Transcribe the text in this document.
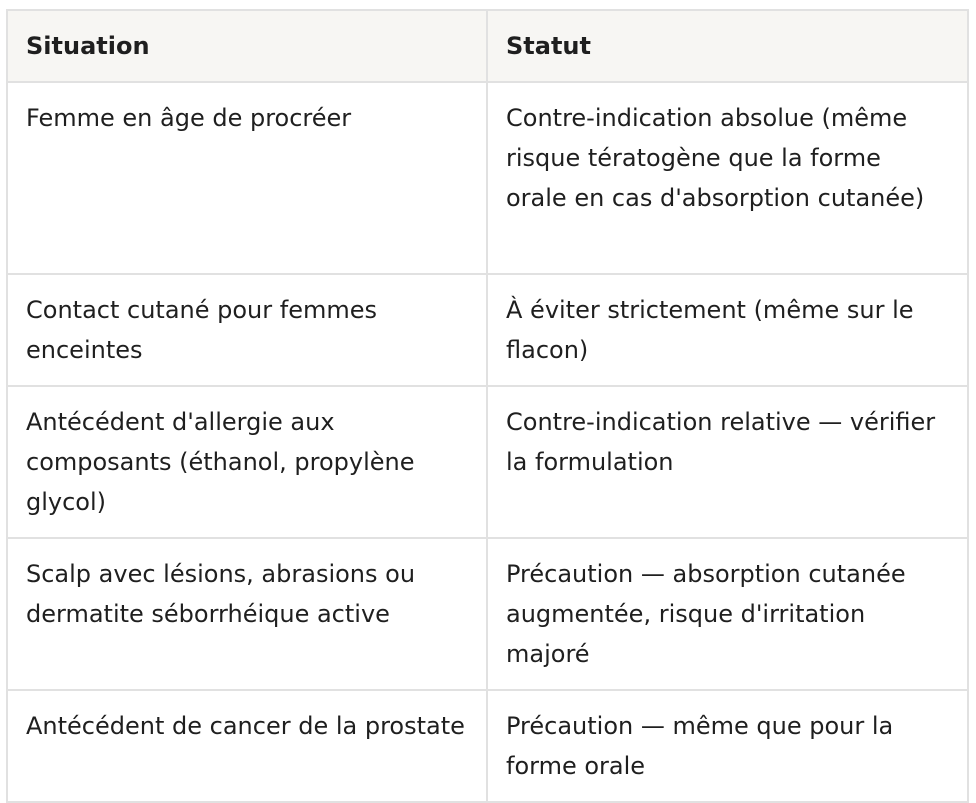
Situation	Statut
Femme en âge de procréer	Contre-indication absolue (même risque tératogène que la forme orale en cas d'absorption cutanée)
Contact cutané pour femmes enceintes	À éviter strictement (même sur le flacon)
Antécédent d'allergie aux composants (éthanol, propylène glycol)	Contre-indication relative — vérifier la formulation
Scalp avec lésions, abrasions ou dermatite séborrhéique active	Précaution — absorption cutanée augmentée, risque d'irritation majoré
Antécédent de cancer de la prostate	Précaution — même que pour la forme orale
